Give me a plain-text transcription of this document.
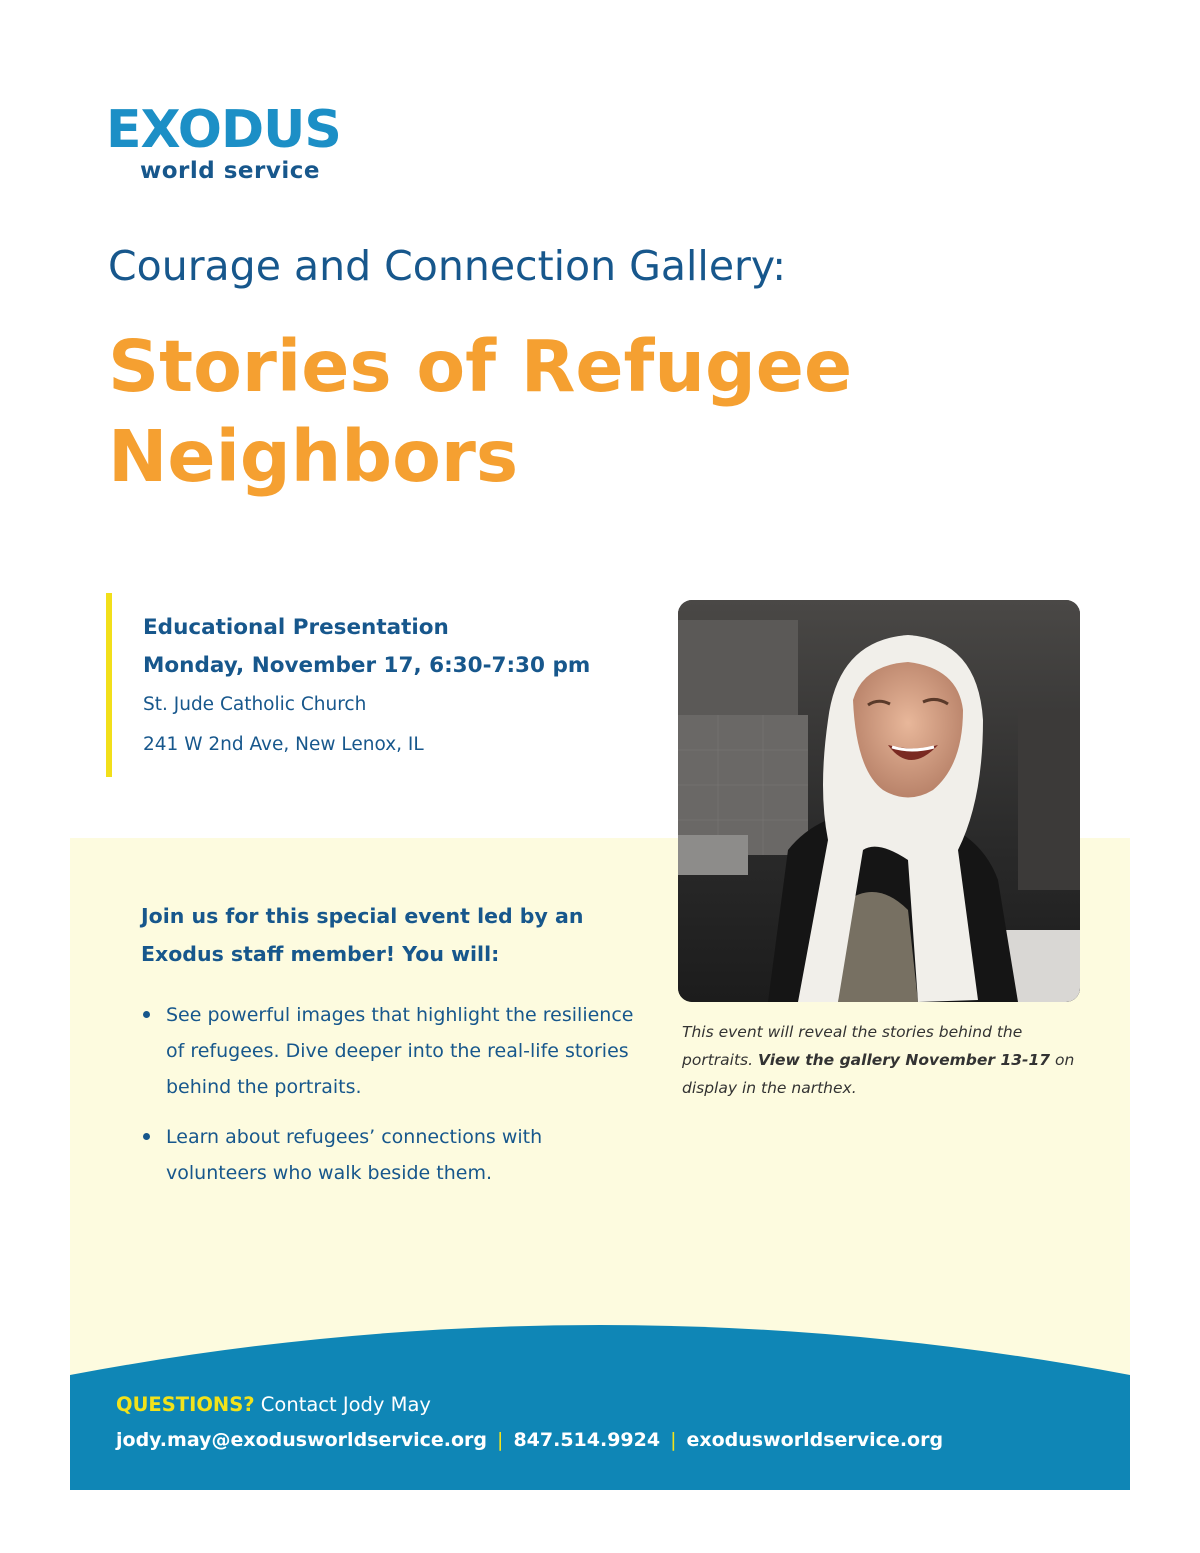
EXODUS
world service
Courage and Connection Gallery:
Stories of Refugee Neighbors
Educational Presentation
Monday, November 17, 6:30-7:30 pm
St. Jude Catholic Church
241 W 2nd Ave, New Lenox, IL
This event will reveal the stories behind the portraits. View the gallery November 13-17 on display in the narthex.
Join us for this special event led by an Exodus staff member! You will:
See powerful images that highlight the resilience of refugees. Dive deeper into the real-life stories behind the portraits.
Learn about refugees’ connections with volunteers who walk beside them.
QUESTIONS? Contact Jody May
jody.may@exodusworldservice.org | 847.514.9924 | exodusworldservice.org
